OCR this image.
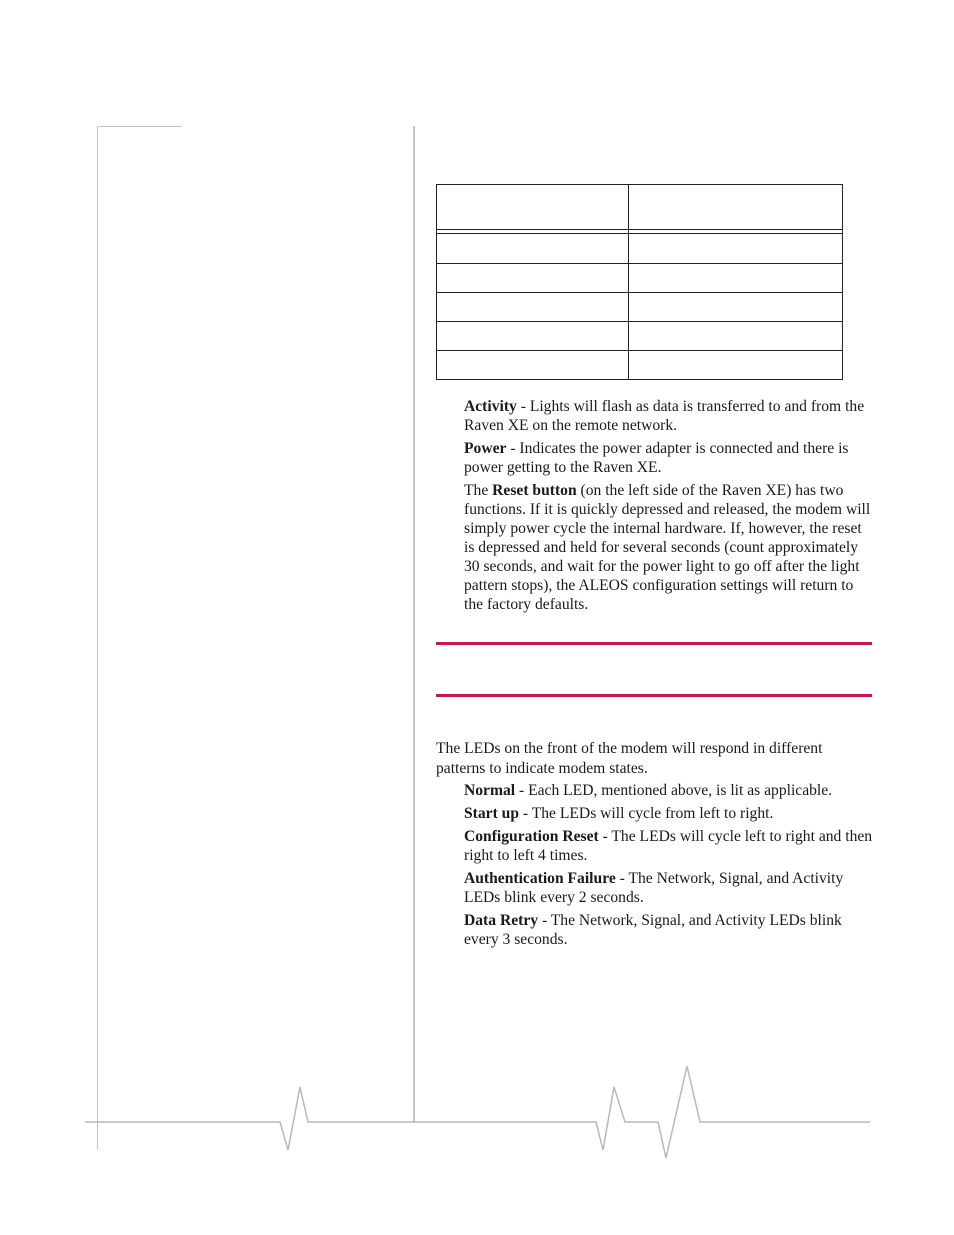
Activity - Lights will flash as data is transferred to and from the Raven XE on the remote network.

Power - Indicates the power adapter is connected and there is power getting to the Raven XE.

The Reset button (on the left side of the Raven XE) has two functions. If it is quickly depressed and released, the modem will simply power cycle the internal hardware. If, however, the reset is depressed and held for several seconds (count approximately 30 seconds, and wait for the power light to go off after the light pattern stops), the ALEOS configuration settings will return to the factory defaults.

The LEDs on the front of the modem will respond in different patterns to indicate modem states.

Normal - Each LED, mentioned above, is lit as applicable.

Start up - The LEDs will cycle from left to right.

Configuration Reset - The LEDs will cycle left to right and then right to left 4 times.

Authentication Failure - The Network, Signal, and Activity LEDs blink every 2 seconds.

Data Retry - The Network, Signal, and Activity LEDs blink every 3 seconds.
